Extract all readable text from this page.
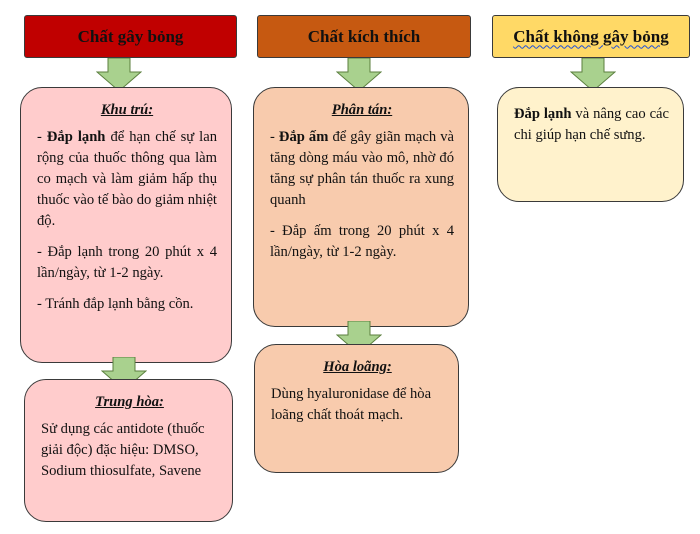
Chất gây bỏng
Khu trú:

- Đắp lạnh để hạn chế sự lan rộng của thuốc thông qua làm co mạch và làm giảm hấp thụ thuốc vào tế bào do giảm nhiệt độ.

- Đắp lạnh trong 20 phút x 4 lần/ngày, từ 1-2 ngày.

- Tránh đắp lạnh bằng cồn.

Trung hòa:

Sử dụng các antidote (thuốc giải độc) đặc hiệu: DMSO, Sodium thiosulfate, Savene

Chất kích thích
Phân tán:

- Đắp ấm để gây giãn mạch và tăng dòng máu vào mô, nhờ đó tăng sự phân tán thuốc ra xung quanh

- Đắp ấm trong 20 phút x 4 lần/ngày, từ 1-2 ngày.

Hòa loãng:

Dùng hyaluronidase để hòa loãng chất thoát mạch.

Chất không gây bỏng

Đắp lạnh và nâng cao các chi giúp hạn chế sưng.
